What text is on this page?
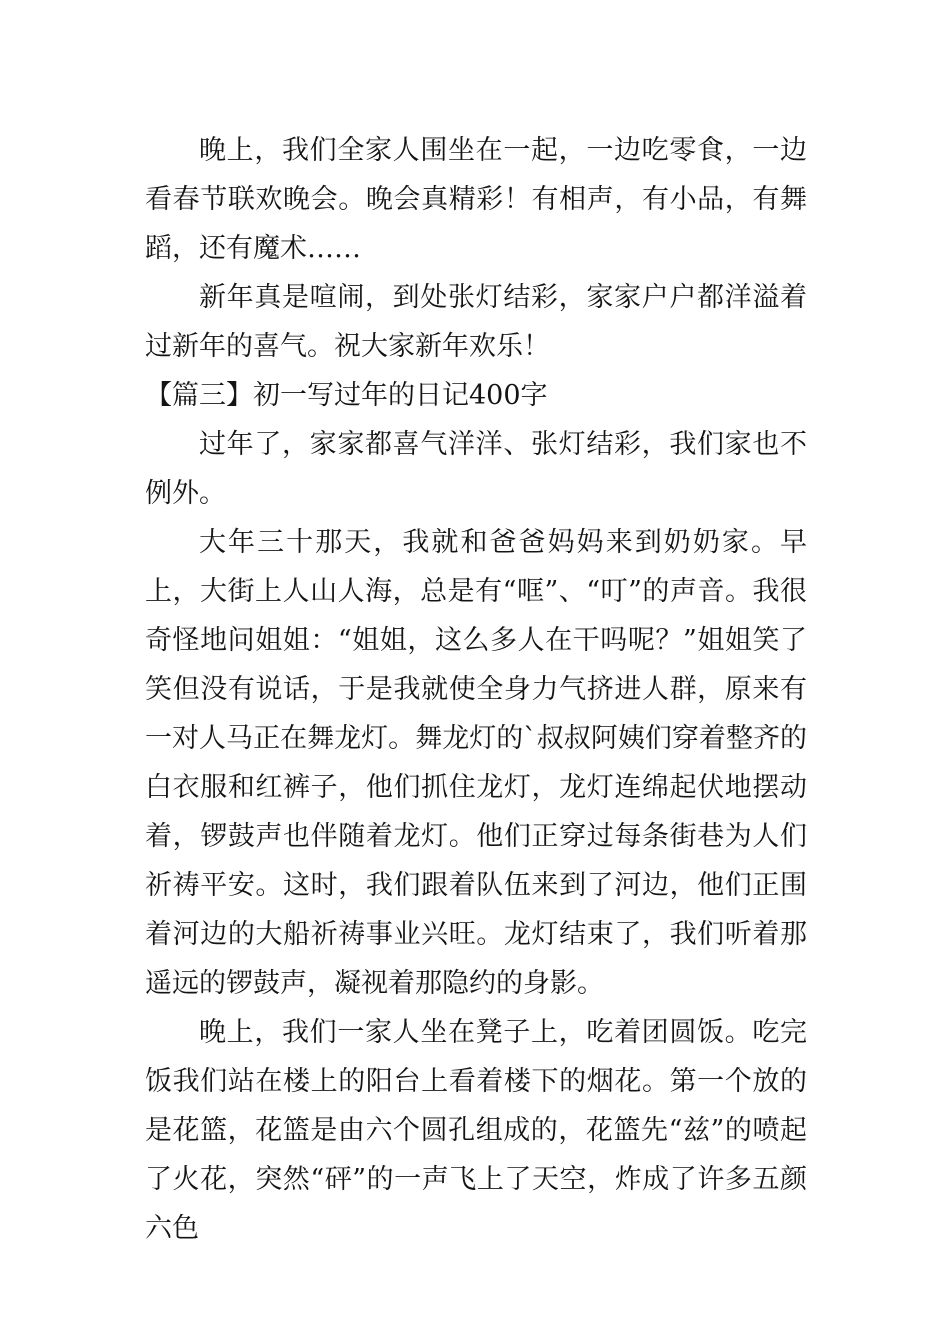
晚上，我们全家人围坐在一起，一边吃零食，一边看春节联欢晚会。晚会真精彩！有相声，有小品，有舞蹈，还有魔术……

新年真是喧闹，到处张灯结彩，家家户户都洋溢着过新年的喜气。祝大家新年欢乐！

【篇三】初一写过年的日记400字

过年了，家家都喜气洋洋、张灯结彩，我们家也不例外。

大年三十那天，我就和爸爸妈妈来到奶奶家。早上，大街上人山人海，总是有“哐”、“叮”的声音。我很奇怪地问姐姐：“姐姐，这么多人在干吗呢？”姐姐笑了笑但没有说话，于是我就使全身力气挤进人群，原来有一对人马正在舞龙灯。舞龙灯的`叔叔阿姨们穿着整齐的白衣服和红裤子，他们抓住龙灯，龙灯连绵起伏地摆动着，锣鼓声也伴随着龙灯。他们正穿过每条街巷为人们祈祷平安。这时，我们跟着队伍来到了河边，他们正围着河边的大船祈祷事业兴旺。龙灯结束了，我们听着那遥远的锣鼓声，凝视着那隐约的身影。

晚上，我们一家人坐在凳子上，吃着团圆饭。吃完饭我们站在楼上的阳台上看着楼下的烟花。第一个放的是花篮，花篮是由六个圆孔组成的，花篮先“兹”的喷起了火花，突然“砰”的一声飞上了天空，炸成了许多五颜六色
